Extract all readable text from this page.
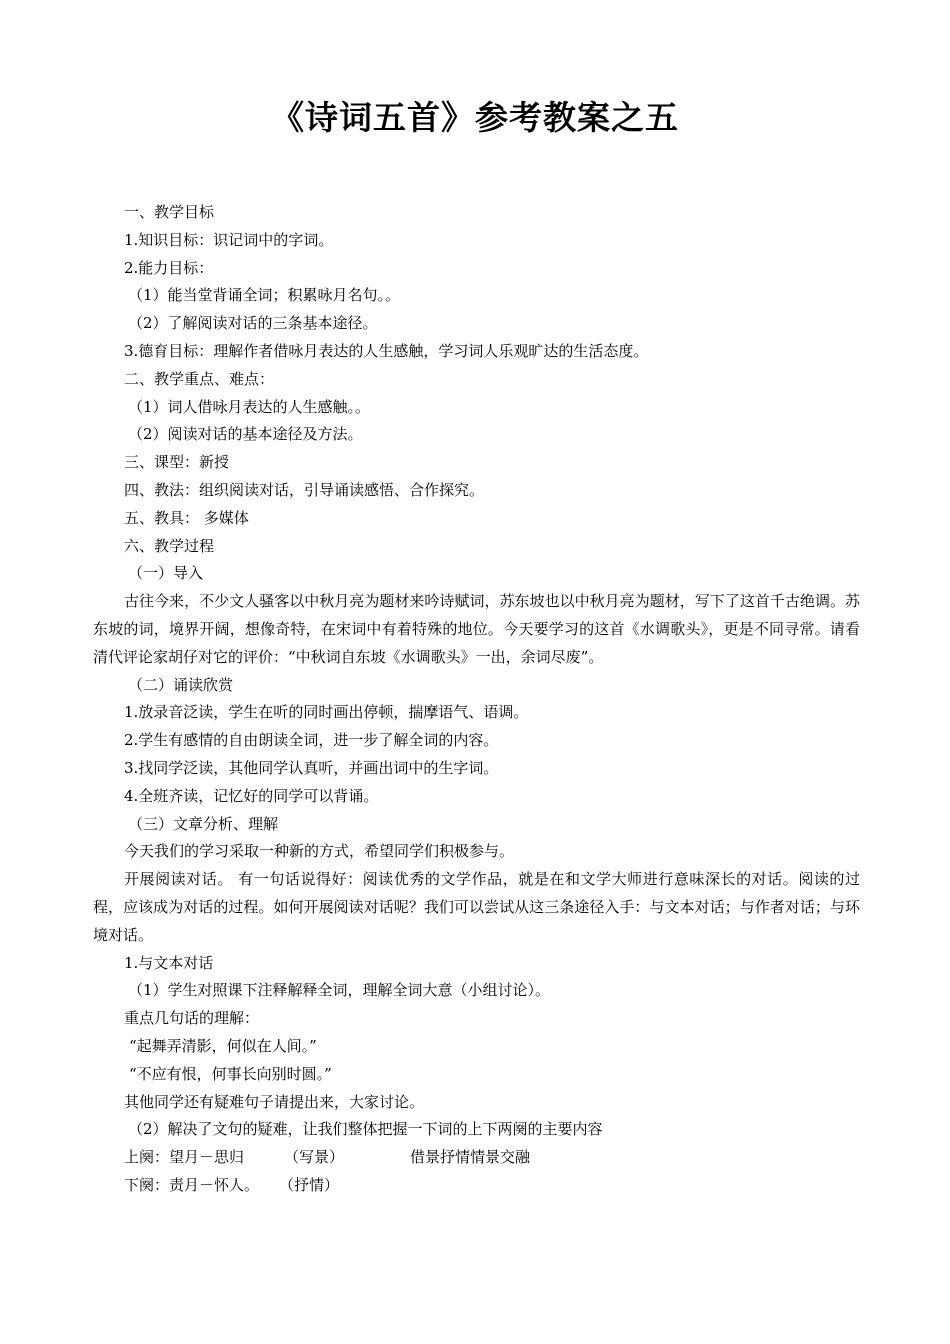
《诗词五首》参考教案之五
一、教学目标
1.知识目标：识记词中的字词。
2.能力目标：
（1）能当堂背诵全词；积累咏月名句。。
（2）了解阅读对话的三条基本途径。
3.德育目标：理解作者借咏月表达的人生感触，学习词人乐观旷达的生活态度。
二、教学重点、难点：
（1）词人借咏月表达的人生感触。。
（2）阅读对话的基本途径及方法。
三、课型：新授
四、教法：组织阅读对话，引导诵读感悟、合作探究。
五、教具： 多媒体
六、教学过程
（一）导入
古往今来，不少文人骚客以中秋月亮为题材来吟诗赋词，苏东坡也以中秋月亮为题材，写下了这首千古绝调。苏东坡的词，境界开阔，想像奇特，在宋词中有着特殊的地位。今天要学习的这首《水调歌头》，更是不同寻常。请看清代评论家胡仔对它的评价：“中秋词自东坡《水调歌头》一出，余词尽废”。
（二）诵读欣赏
1.放录音泛读，学生在听的同时画出停顿，揣摩语气、语调。
2.学生有感情的自由朗读全词，进一步了解全词的内容。
3.找同学泛读，其他同学认真听，并画出词中的生字词。
4.全班齐读，记忆好的同学可以背诵。
（三）文章分析、理解
今天我们的学习采取一种新的方式，希望同学们积极参与。
开展阅读对话。 有一句话说得好：阅读优秀的文学作品，就是在和文学大师进行意味深长的对话。阅读的过程，应该成为对话的过程。如何开展阅读对话呢？我们可以尝试从这三条途径入手：与文本对话；与作者对话；与环境对话。
1.与文本对话
（1）学生对照课下注释解释全词，理解全词大意（小组讨论）。
重点几句话的理解：
“起舞弄清影，何似在人间。”
“不应有恨，何事长向别时圆。”
其他同学还有疑难句子请提出来，大家讨论。
（2）解决了文句的疑难，让我们整体把握一下词的上下两阕的主要内容
上阕：望月－思归	（写景）	借景抒情情景交融
下阕：责月－怀人。 （抒情）
